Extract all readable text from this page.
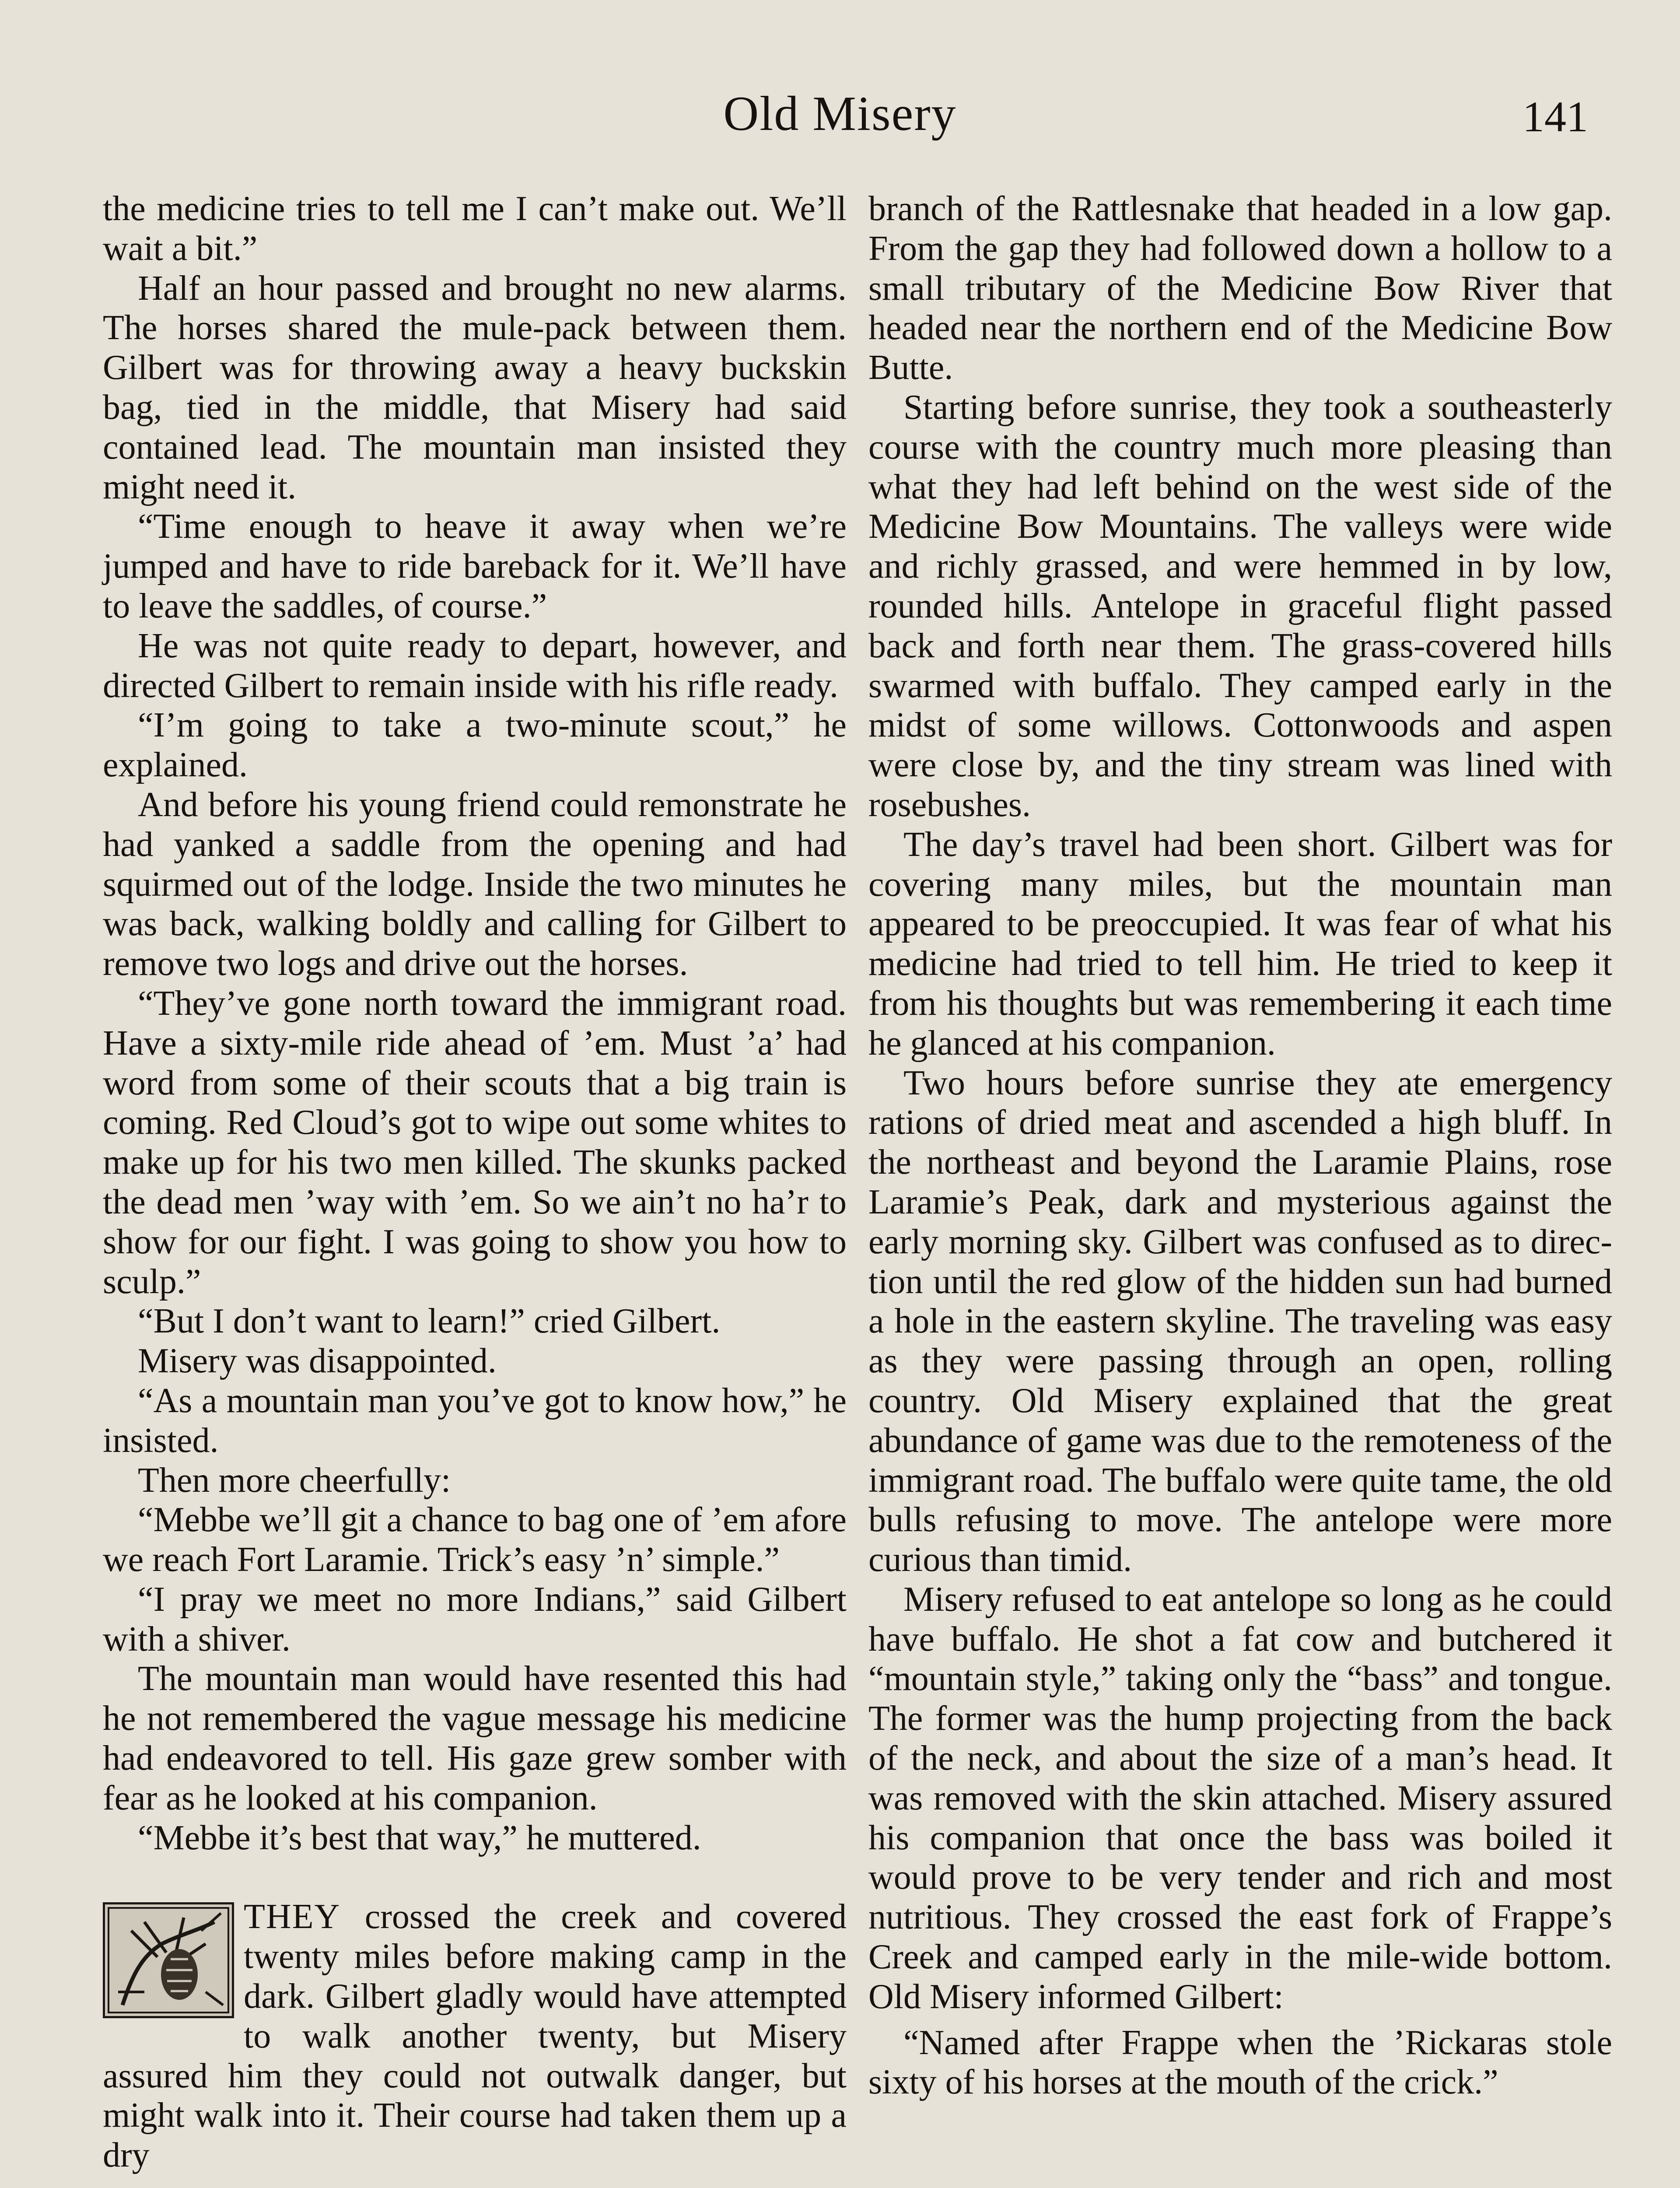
Old Misery	141

the medicine tries to tell me I can’t make out. We’ll wait a bit.”

Half an hour passed and brought no new alarms. The horses shared the mule-pack between them. Gilbert was for throwing away a heavy buckskin bag, tied in the middle, that Misery had said contained lead. The mountain man insisted they might need it.

“Time enough to heave it away when we’re jumped and have to ride bareback for it. We’ll have to leave the saddles, of course.”

He was not quite ready to depart, however, and directed Gilbert to remain inside with his rifle ready.

“I’m going to take a two-minute scout,” he explained.

And before his young friend could remonstrate he had yanked a saddle from the opening and had squirmed out of the lodge. Inside the two minutes he was back, walking boldly and calling for Gilbert to remove two logs and drive out the horses.

“They’ve gone north toward the immigrant road. Have a sixty-mile ride ahead of ’em. Must ’a’ had word from some of their scouts that a big train is coming. Red Cloud’s got to wipe out some whites to make up for his two men killed. The skunks packed the dead men ’way with ’em. So we ain’t no ha’r to show for our fight. I was going to show you how to sculp.”

“But I don’t want to learn!” cried Gilbert.

Misery was disappointed.

“As a mountain man you’ve got to know how,” he insisted.

Then more cheerfully:

“Mebbe we’ll git a chance to bag one of ’em afore we reach Fort Laramie. Trick’s easy ’n’ simple.”

“I pray we meet no more Indians,” said Gilbert with a shiver.

The mountain man would have resented this had he not remembered the vague message his medicine had endeavored to tell. His gaze grew somber with fear as he looked at his companion.

“Mebbe it’s best that way,” he muttered.

THEY crossed the creek and covered twenty miles before making camp in the dark. Gilbert gladly would have attempted to walk another twenty, but Misery assured him they could not outwalk danger, but might walk into it. Their course had taken them up a dry

branch of the Rattlesnake that headed in a low gap. From the gap they had followed down a hollow to a small tributary of the Medicine Bow River that headed near the northern end of the Medicine Bow Butte.

Starting before sunrise, they took a southeasterly course with the country much more pleasing than what they had left behind on the west side of the Medicine Bow Mountains. The valleys were wide and richly grassed, and were hemmed in by low, rounded hills. Antelope in graceful flight passed back and forth near them. The grass-covered hills swarmed with buffalo. They camped early in the midst of some willows. Cottonwoods and aspen were close by, and the tiny stream was lined with rosebushes.

The day’s travel had been short. Gilbert was for covering many miles, but the mountain man appeared to be preoccupied. It was fear of what his medicine had tried to tell him. He tried to keep it from his thoughts but was remembering it each time he glanced at his companion.

Two hours before sunrise they ate emergency rations of dried meat and ascended a high bluff. In the northeast and beyond the Laramie Plains, rose Laramie’s Peak, dark and mysterious against the early morning sky. Gilbert was confused as to direction until the red glow of the hidden sun had burned a hole in the eastern skyline. The traveling was easy as they were passing through an open, rolling country. Old Misery explained that the great abundance of game was due to the remoteness of the immigrant road. The buffalo were quite tame, the old bulls refusing to move. The antelope were more curious than timid.

Misery refused to eat antelope so long as he could have buffalo. He shot a fat cow and butchered it “mountain style,” taking only the “bass” and tongue. The former was the hump projecting from the back of the neck, and about the size of a man’s head. It was removed with the skin attached. Misery assured his companion that once the bass was boiled it would prove to be very tender and rich and most nutritious. They crossed the east fork of Frappe’s Creek and camped early in the mile-wide bottom. Old Misery informed Gilbert:

“Named after Frappe when the ’Rickaras stole sixty of his horses at the mouth of the crick.”
